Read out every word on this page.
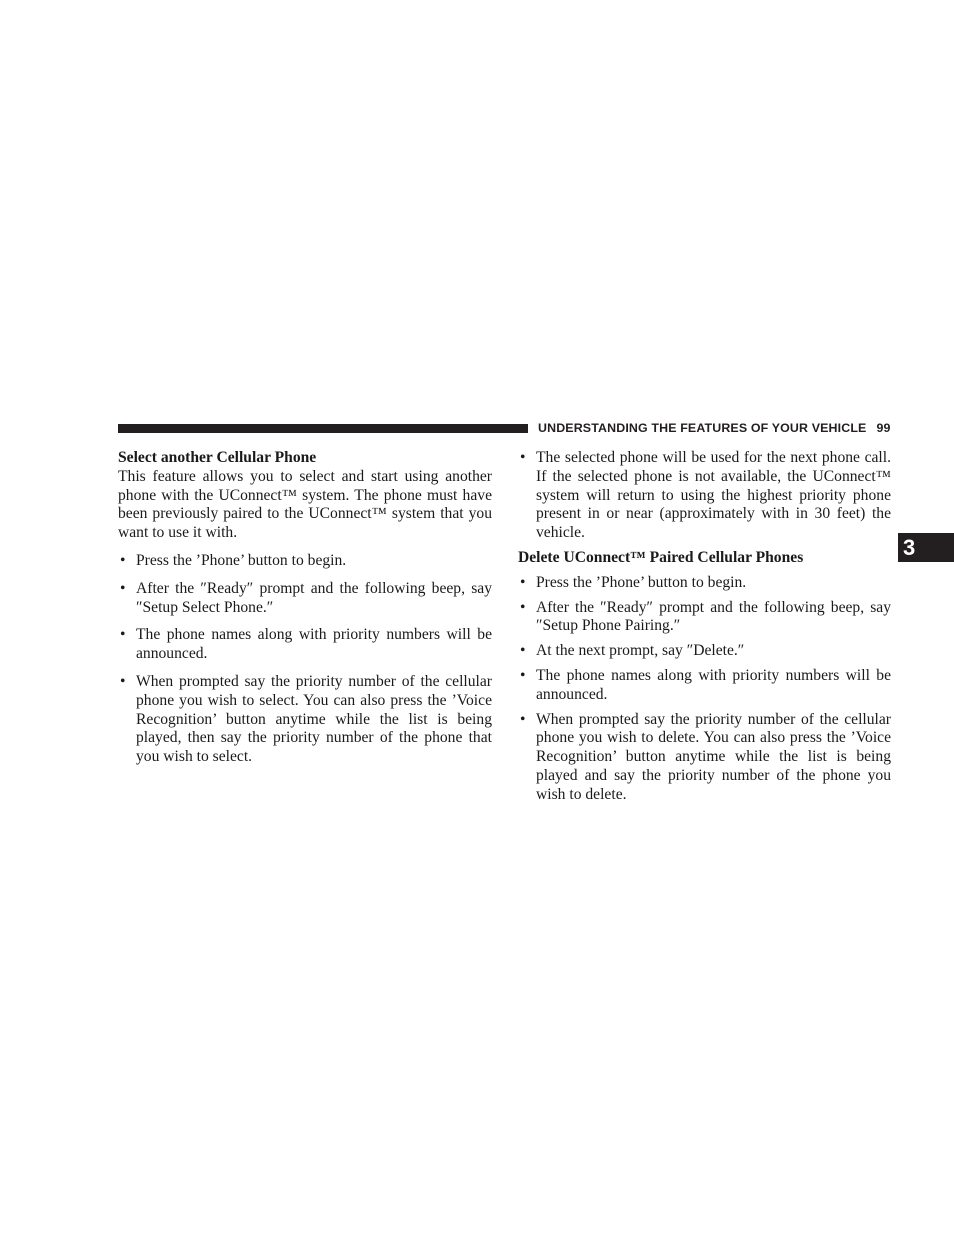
UNDERSTANDING THE FEATURES OF YOUR VEHICLE 99
3

Select another Cellular Phone

This feature allows you to select and start using another phone with the UConnect™ system. The phone must have been previously paired to the UConnect™ system that you want to use it with.

• Press the ’Phone’ button to begin.
• After the ″Ready″ prompt and the following beep, say ″Setup Select Phone.″
• The phone names along with priority numbers will be announced.
• When prompted say the priority number of the cellular phone you wish to select. You can also press the ’Voice Recognition’ button anytime while the list is being played, then say the priority number of the phone that you wish to select.
• The selected phone will be used for the next phone call. If the selected phone is not available, the UConnect™ system will return to using the highest priority phone present in or near (approximately with in 30 feet) the vehicle.

Delete UConnect™ Paired Cellular Phones

• Press the ’Phone’ button to begin.
• After the ″Ready″ prompt and the following beep, say ″Setup Phone Pairing.″
• At the next prompt, say ″Delete.″
• The phone names along with priority numbers will be announced.
• When prompted say the priority number of the cellular phone you wish to delete. You can also press the ’Voice Recognition’ button anytime while the list is being played and say the priority number of the phone you wish to delete.
